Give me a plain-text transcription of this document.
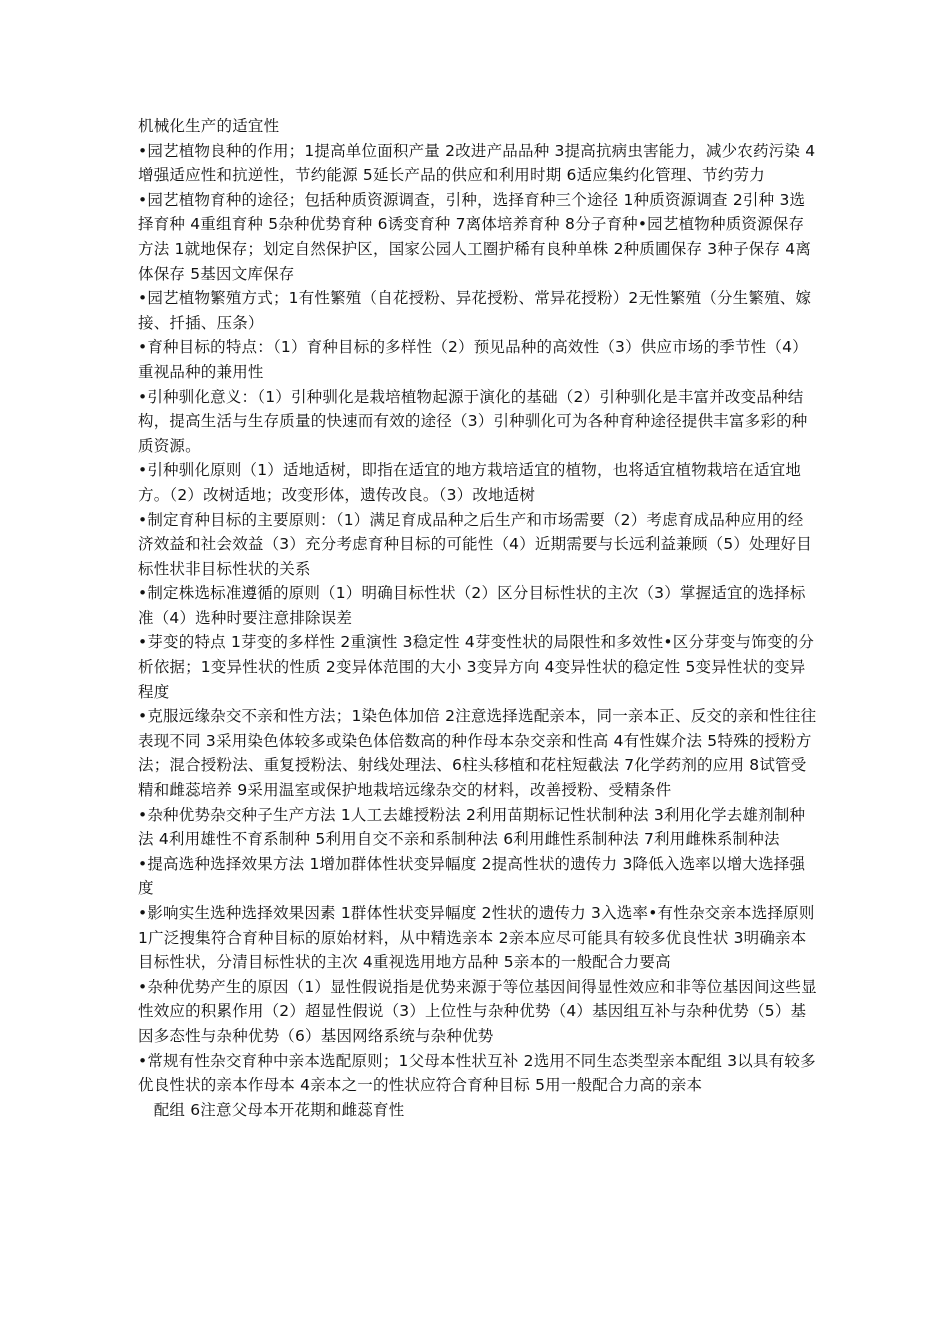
机械化生产的适宜性

•园艺植物良种的作用；1提高单位面积产量 2改进产品品种 3提高抗病虫害能力，减少农药污染 4增强适应性和抗逆性，节约能源 5延长产品的供应和利用时期 6适应集约化管理、节约劳力

•园艺植物育种的途径；包括种质资源调查，引种，选择育种三个途径 1种质资源调查 2引种 3选择育种 4重组育种 5杂种优势育种 6诱变育种 7离体培养育种 8分子育种•园艺植物种质资源保存方法 1就地保存；划定自然保护区，国家公园人工圈护稀有良种单株 2种质圃保存 3种子保存 4离体保存 5基因文库保存

•园艺植物繁殖方式；1有性繁殖（自花授粉、异花授粉、常异花授粉）2无性繁殖（分生繁殖、嫁接、扦插、压条）

•育种目标的特点：（1）育种目标的多样性（2）预见品种的高效性（3）供应市场的季节性（4）重视品种的兼用性

•引种驯化意义：（1）引种驯化是栽培植物起源于演化的基础（2）引种驯化是丰富并改变品种结构，提高生活与生存质量的快速而有效的途径（3）引种驯化可为各种育种途径提供丰富多彩的种质资源。

•引种驯化原则（1）适地适树，即指在适宜的地方栽培适宜的植物，也将适宜植物栽培在适宜地方。（2）改树适地；改变形体，遗传改良。（3）改地适树

•制定育种目标的主要原则：（1）满足育成品种之后生产和市场需要（2）考虑育成品种应用的经济效益和社会效益（3）充分考虑育种目标的可能性（4）近期需要与长远利益兼顾（5）处理好目标性状非目标性状的关系

•制定株选标准遵循的原则（1）明确目标性状（2）区分目标性状的主次（3）掌握适宜的选择标准（4）选种时要注意排除误差

•芽变的特点 1芽变的多样性 2重演性 3稳定性 4芽变性状的局限性和多效性•区分芽变与饰变的分析依据；1变异性状的性质 2变异体范围的大小 3变异方向 4变异性状的稳定性 5变异性状的变异程度

•克服远缘杂交不亲和性方法；1染色体加倍 2注意选择选配亲本，同一亲本正、反交的亲和性往往表现不同 3采用染色体较多或染色体倍数高的种作母本杂交亲和性高 4有性媒介法 5特殊的授粉方法；混合授粉法、重复授粉法、射线处理法、6柱头移植和花柱短截法 7化学药剂的应用 8试管受精和雌蕊培养 9采用温室或保护地栽培远缘杂交的材料，改善授粉、受精条件

•杂种优势杂交种子生产方法 1人工去雄授粉法 2利用苗期标记性状制种法 3利用化学去雄剂制种法 4利用雄性不育系制种 5利用自交不亲和系制种法 6利用雌性系制种法 7利用雌株系制种法

•提高选种选择效果方法 1增加群体性状变异幅度 2提高性状的遗传力 3降低入选率以增大选择强度

•影响实生选种选择效果因素 1群体性状变异幅度 2性状的遗传力 3入选率•有性杂交亲本选择原则 1广泛搜集符合育种目标的原始材料，从中精选亲本 2亲本应尽可能具有较多优良性状 3明确亲本目标性状，分清目标性状的主次 4重视选用地方品种 5亲本的一般配合力要高

•杂种优势产生的原因（1）显性假说指是优势来源于等位基因间得显性效应和非等位基因间这些显性效应的积累作用（2）超显性假说（3）上位性与杂种优势（4）基因组互补与杂种优势（5）基因多态性与杂种优势（6）基因网络系统与杂种优势

•常规有性杂交育种中亲本选配原则；1父母本性状互补 2选用不同生态类型亲本配组 3以具有较多优良性状的亲本作母本 4亲本之一的性状应符合育种目标 5用一般配合力高的亲本

　配组 6注意父母本开花期和雌蕊育性
